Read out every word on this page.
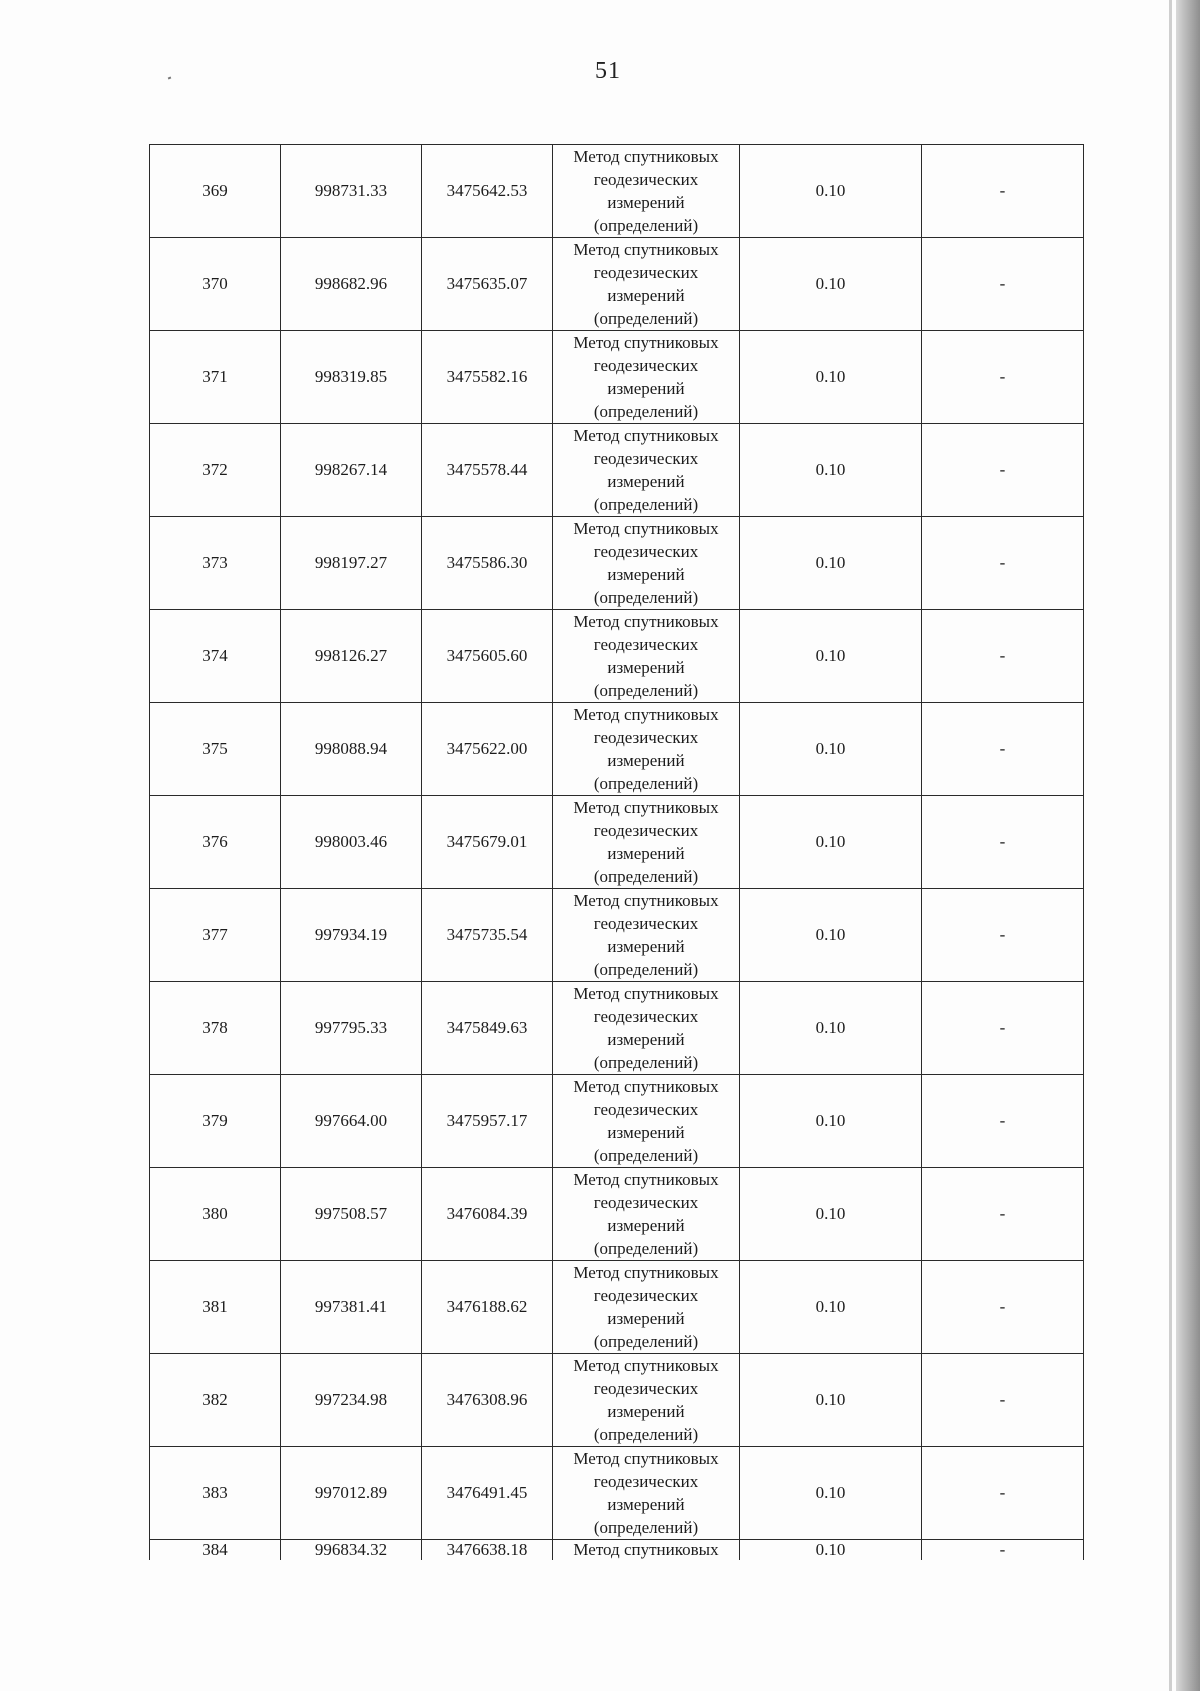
51
369	998731.33	3475642.53	Метод спутниковых
геодезических
измерений
(определений)	0.10	-
370	998682.96	3475635.07	Метод спутниковых
геодезических
измерений
(определений)	0.10	-
371	998319.85	3475582.16	Метод спутниковых
геодезических
измерений
(определений)	0.10	-
372	998267.14	3475578.44	Метод спутниковых
геодезических
измерений
(определений)	0.10	-
373	998197.27	3475586.30	Метод спутниковых
геодезических
измерений
(определений)	0.10	-
374	998126.27	3475605.60	Метод спутниковых
геодезических
измерений
(определений)	0.10	-
375	998088.94	3475622.00	Метод спутниковых
геодезических
измерений
(определений)	0.10	-
376	998003.46	3475679.01	Метод спутниковых
геодезических
измерений
(определений)	0.10	-
377	997934.19	3475735.54	Метод спутниковых
геодезических
измерений
(определений)	0.10	-
378	997795.33	3475849.63	Метод спутниковых
геодезических
измерений
(определений)	0.10	-
379	997664.00	3475957.17	Метод спутниковых
геодезических
измерений
(определений)	0.10	-
380	997508.57	3476084.39	Метод спутниковых
геодезических
измерений
(определений)	0.10	-
381	997381.41	3476188.62	Метод спутниковых
геодезических
измерений
(определений)	0.10	-
382	997234.98	3476308.96	Метод спутниковых
геодезических
измерений
(определений)	0.10	-
383	997012.89	3476491.45	Метод спутниковых
геодезических
измерений
(определений)	0.10	-
384	996834.32	3476638.18	Метод спутниковых	0.10	-
